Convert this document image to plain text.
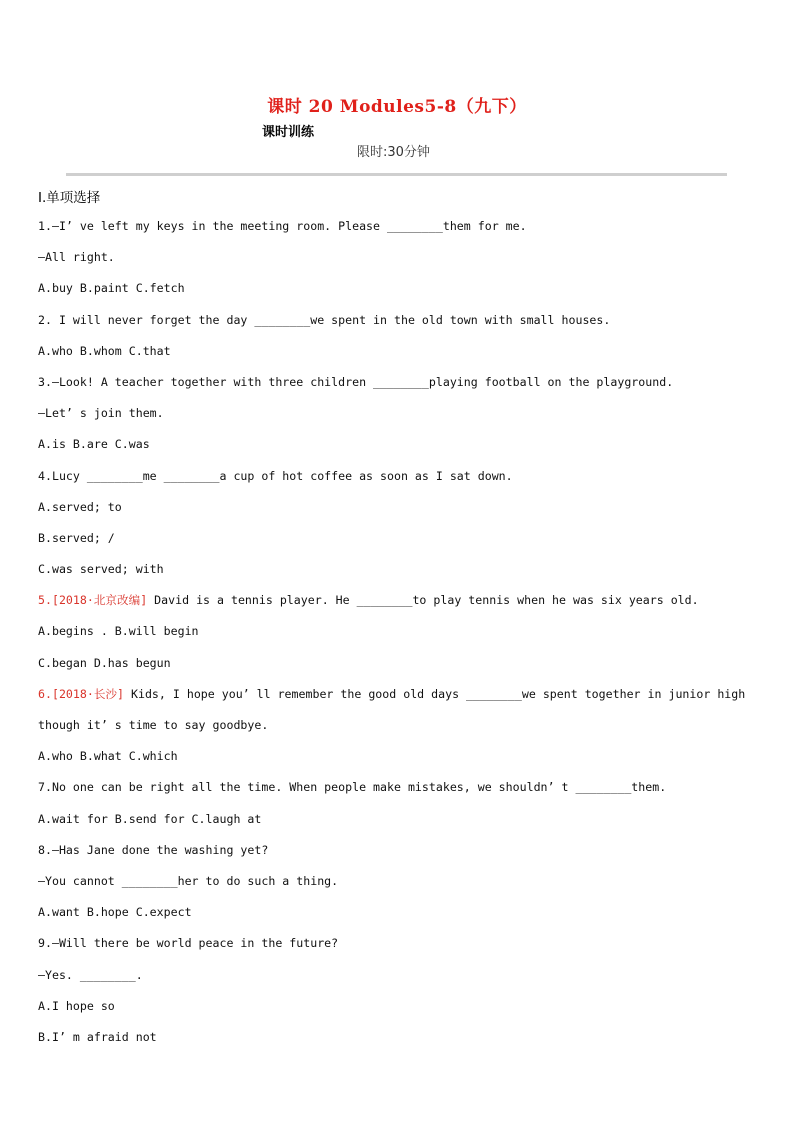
课时 20 Modules5-8（九下）
课时训练
限时:30分钟
Ⅰ.单项选择
1.—I’ ve left my keys in the meeting room. Please ________them for me.
—All right.
A.buy B.paint C.fetch
2. I will never forget the day ________we spent in the old town with small houses.
A.who B.whom C.that
3.—Look! A teacher together with three children ________playing football on the playground.
—Let’ s join them.
A.is B.are C.was
4.Lucy ________me ________a cup of hot coffee as soon as I sat down.
A.served; to
B.served; /
C.was served; with
5.[2018·北京改编] David is a tennis player. He ________to play tennis when he was six years old.
A.begins . B.will begin
C.began D.has begun
6.[2018·长沙] Kids, I hope you’ ll remember the good old days ________we spent together in junior high
though it’ s time to say goodbye.
A.who B.what C.which
7.No one can be right all the time. When people make mistakes, we shouldn’ t ________them.
A.wait for B.send for C.laugh at
8.—Has Jane done the washing yet?
—You cannot ________her to do such a thing.
A.want B.hope C.expect
9.—Will there be world peace in the future?
—Yes. ________.
A.I hope so
B.I’ m afraid not
